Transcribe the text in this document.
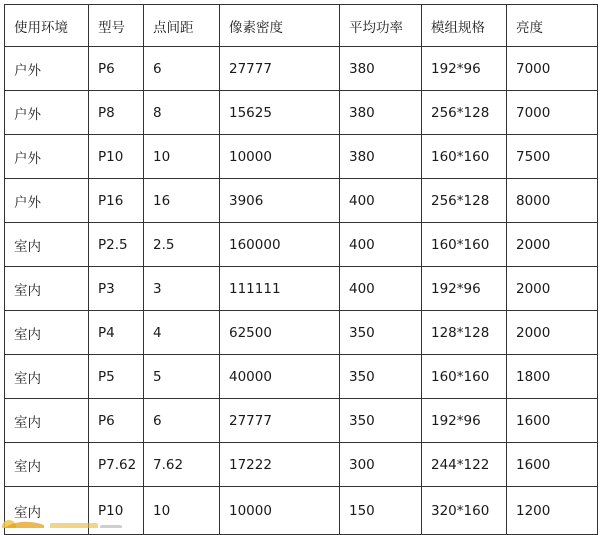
使用环境	型号	点间距	像素密度	平均功率	模组规格	亮度
户外	P6	6	27777	380	192*96	7000
户外	P8	8	15625	380	256*128	7000
户外	P10	10	10000	380	160*160	7500
户外	P16	16	3906	400	256*128	8000
室内	P2.5	2.5	160000	400	160*160	2000
室内	P3	3	111111	400	192*96	2000
室内	P4	4	62500	350	128*128	2000
室内	P5	5	40000	350	160*160	1800
室内	P6	6	27777	350	192*96	1600
室内	P7.62	7.62	17222	300	244*122	1600
室内	P10	10	10000	150	320*160	1200
